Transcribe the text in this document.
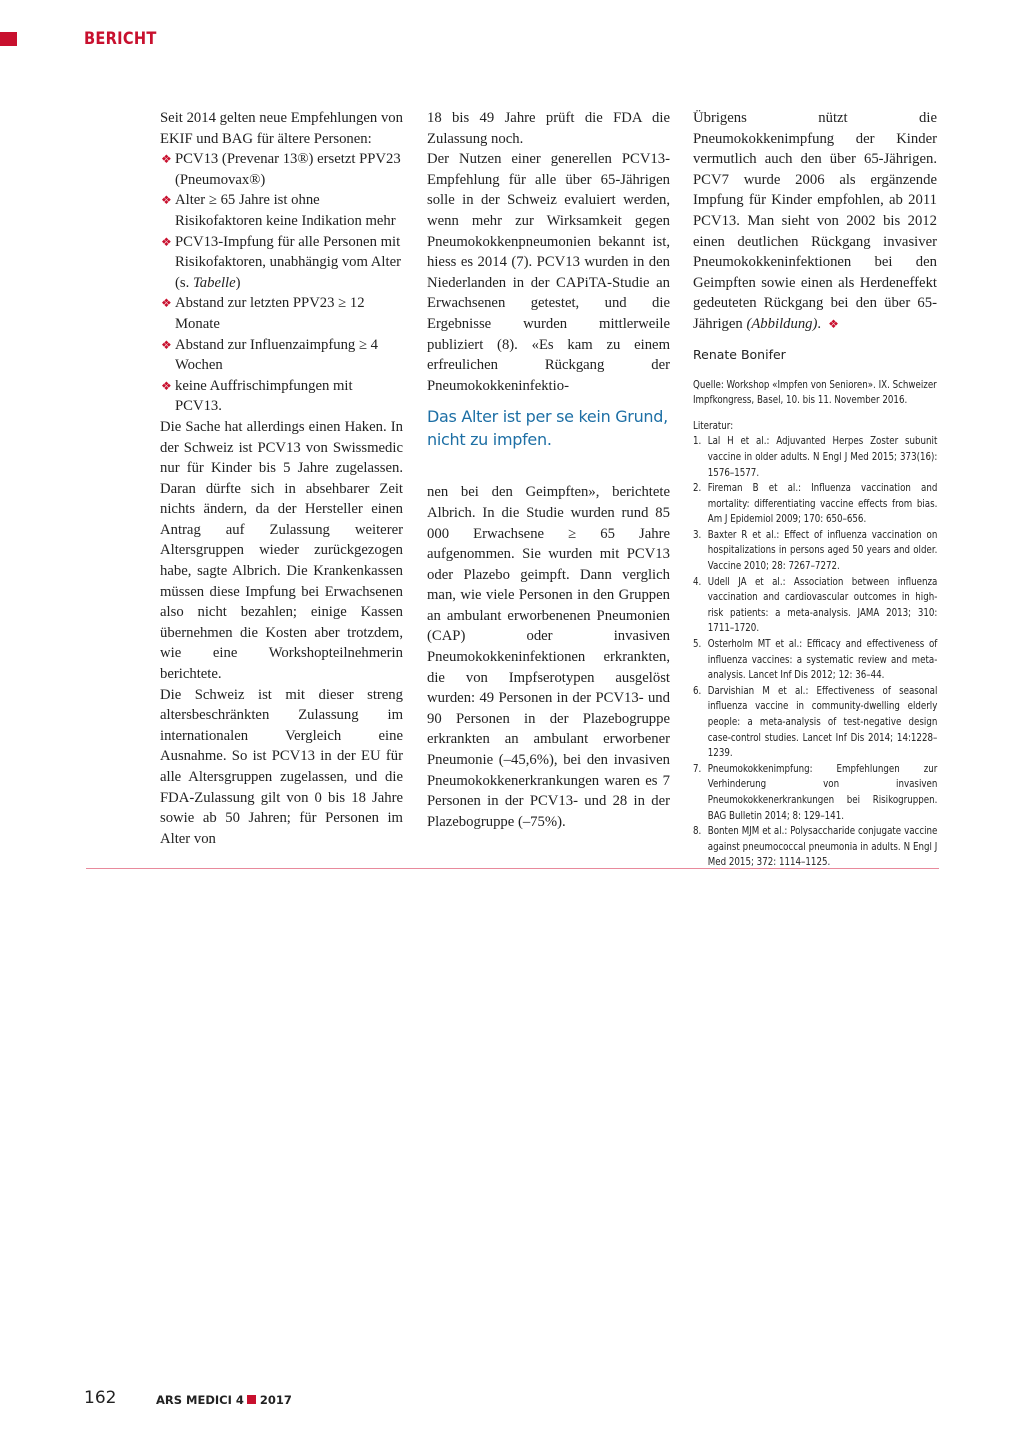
BERICHT

Seit 2014 gelten neue Empfehlungen von EKIF und BAG für ältere Personen:

❖ PCV13 (Prevenar 13®) ersetzt PPV23 (Pneumovax®)
❖ Alter ≥ 65 Jahre ist ohne Risikofaktoren keine Indikation mehr
❖ PCV13-Impfung für alle Personen mit Risikofaktoren, unabhängig vom Alter (s. Tabelle)
❖ Abstand zur letzten PPV23 ≥ 12 Monate
❖ Abstand zur Influenzaimpfung ≥ 4 Wochen
❖ keine Auffrischimpfungen mit PCV13.

Die Sache hat allerdings einen Haken. In der Schweiz ist PCV13 von Swissmedic nur für Kinder bis 5 Jahre zugelassen. Daran dürfte sich in absehbarer Zeit nichts ändern, da der Hersteller einen Antrag auf Zulassung weiterer Altersgruppen wieder zurückgezogen habe, sagte Albrich. Die Krankenkassen müssen diese Impfung bei Erwachsenen also nicht bezahlen; einige Kassen übernehmen die Kosten aber trotzdem, wie eine Workshopteilnehmerin berichtete.

Die Schweiz ist mit dieser streng altersbeschränkten Zulassung im internationalen Vergleich eine Ausnahme. So ist PCV13 in der EU für alle Altersgruppen zugelassen, und die FDA-Zulassung gilt von 0 bis 18 Jahre sowie ab 50 Jahren; für Personen im Alter von

18 bis 49 Jahre prüft die FDA die Zulassung noch.

Der Nutzen einer generellen PCV13-Empfehlung für alle über 65-Jährigen solle in der Schweiz evaluiert werden, wenn mehr zur Wirksamkeit gegen Pneumokokkenpneumonien bekannt ist, hiess es 2014 (7). PCV13 wurden in den Niederlanden in der CAPiTA-Studie an Erwachsenen getestet, und die Ergebnisse wurden mittlerweile publiziert (8). «Es kam zu einem erfreulichen Rückgang der Pneumokokkeninfektio-

Das Alter ist per se kein Grund, nicht zu impfen.

nen bei den Geimpften», berichtete Albrich. In die Studie wurden rund 85 000 Erwachsene ≥ 65 Jahre aufgenommen. Sie wurden mit PCV13 oder Plazebo geimpft. Dann verglich man, wie viele Personen in den Gruppen an ambulant erworbenenen Pneumonien (CAP) oder invasiven Pneumokokkeninfektionen erkrankten, die von Impfserotypen ausgelöst wurden: 49 Personen in der PCV13- und 90 Personen in der Plazebogruppe erkrankten an ambulant erworbener Pneumonie (–45,6%), bei den invasiven Pneumokokkenerkrankungen waren es 7 Personen in der PCV13- und 28 in der Plazebogruppe (–75%).

Übrigens nützt die Pneumokokkenimpfung der Kinder vermutlich auch den über 65-Jährigen. PCV7 wurde 2006 als ergänzende Impfung für Kinder empfohlen, ab 2011 PCV13. Man sieht von 2002 bis 2012 einen deutlichen Rückgang invasiver Pneumokokkeninfektionen bei den Geimpften sowie einen als Herdeneffekt gedeuteten Rückgang bei den über 65-Jährigen (Abbildung). ❖

Renate Bonifer
Quelle: Workshop «Impfen von Senioren». IX. Schweizer Impfkongress, Basel, 10. bis 11. November 2016.
Literatur:
1. Lal H et al.: Adjuvanted Herpes Zoster subunit vaccine in older adults. N Engl J Med 2015; 373(16): 1576–1577.
2. Fireman B et al.: Influenza vaccination and mortality: differentiating vaccine effects from bias. Am J Epidemiol 2009; 170: 650–656.
3. Baxter R et al.: Effect of influenza vaccination on hospitalizations in persons aged 50 years and older. Vaccine 2010; 28: 7267–7272.
4. Udell JA et al.: Association between influenza vaccination and cardiovascular outcomes in high-risk patients: a meta-analysis. JAMA 2013; 310: 1711–1720.
5. Osterholm MT et al.: Efficacy and effectiveness of influenza vaccines: a systematic review and meta-analysis. Lancet Inf Dis 2012; 12: 36–44.
6. Darvishian M et al.: Effectiveness of seasonal influenza vaccine in community-dwelling elderly people: a meta-analysis of test-negative design case-control studies. Lancet Inf Dis 2014; 14:1228–1239.
7. Pneumokokkenimpfung: Empfehlungen zur Verhinderung von invasiven Pneumokokkenerkrankungen bei Risikogruppen. BAG Bulletin 2014; 8: 129–141.
8. Bonten MJM et al.: Polysaccharide conjugate vaccine against pneumococcal pneumonia in adults. N Engl J Med 2015; 372: 1114–1125.
162	ARS MEDICI 4 2017
